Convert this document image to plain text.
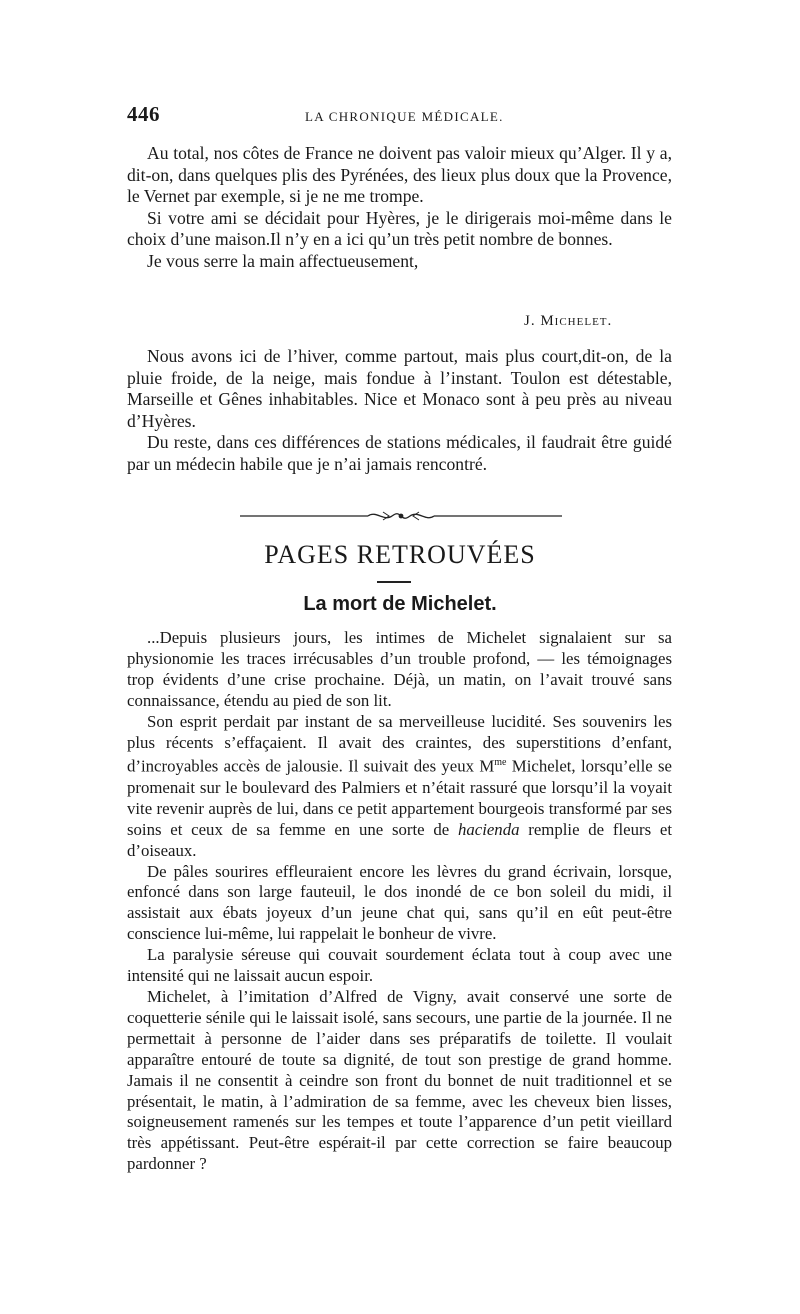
446	LA CHRONIQUE MÉDICALE.

Au total, nos côtes de France ne doivent pas valoir mieux qu’Alger. Il y a, dit-on, dans quelques plis des Pyrénées, des lieux plus doux que la Provence, le Vernet par exemple, si je ne me trompe.

Si votre ami se décidait pour Hyères, je le dirigerais moi-même dans le choix d’une maison.Il n’y en a ici qu’un très petit nombre de bonnes.

Je vous serre la main affectueusement,

J. Michelet.

Nous avons ici de l’hiver, comme partout, mais plus court,dit-on, de la pluie froide, de la neige, mais fondue à l’instant. Toulon est détestable, Marseille et Gênes inhabitables. Nice et Monaco sont à peu près au niveau d’Hyères.

Du reste, dans ces différences de stations médicales, il faudrait être guidé par un médecin habile que je n’ai jamais rencontré.

PAGES RETROUVÉES
La mort de Michelet.

...Depuis plusieurs jours, les intimes de Michelet signalaient sur sa physionomie les traces irrécusables d’un trouble profond, — les témoignages trop évidents d’une crise prochaine. Déjà, un matin, on l’avait trouvé sans connaissance, étendu au pied de son lit.

Son esprit perdait par instant de sa merveilleuse lucidité. Ses souvenirs les plus récents s’effaçaient. Il avait des craintes, des superstitions d’enfant, d’incroyables accès de jalousie. Il suivait des yeux $M^{me}$ Michelet, lorsqu’elle se promenait sur le boulevard des Palmiers et n’était rassuré que lorsqu’il la voyait vite revenir auprès de lui, dans ce petit appartement bourgeois transformé par ses soins et ceux de sa femme en une sorte de hacienda remplie de fleurs et d’oiseaux.

De pâles sourires effleuraient encore les lèvres du grand écrivain, lorsque, enfoncé dans son large fauteuil, le dos inondé de ce bon soleil du midi, il assistait aux ébats joyeux d’un jeune chat qui, sans qu’il en eût peut-être conscience lui-même, lui rappelait le bonheur de vivre.

La paralysie séreuse qui couvait sourdement éclata tout à coup avec une intensité qui ne laissait aucun espoir.

Michelet, à l’imitation d’Alfred de Vigny, avait conservé une sorte de coquetterie sénile qui le laissait isolé, sans secours, une partie de la journée. Il ne permettait à personne de l’aider dans ses préparatifs de toilette. Il voulait apparaître entouré de toute sa dignité, de tout son prestige de grand homme. Jamais il ne consentit à ceindre son front du bonnet de nuit traditionnel et se présentait, le matin, à l’admiration de sa femme, avec les cheveux bien lisses, soigneusement ramenés sur les tempes et toute l’apparence d’un petit vieillard très appétissant. Peut-être espérait-il par cette correction se faire beaucoup pardonner ?
